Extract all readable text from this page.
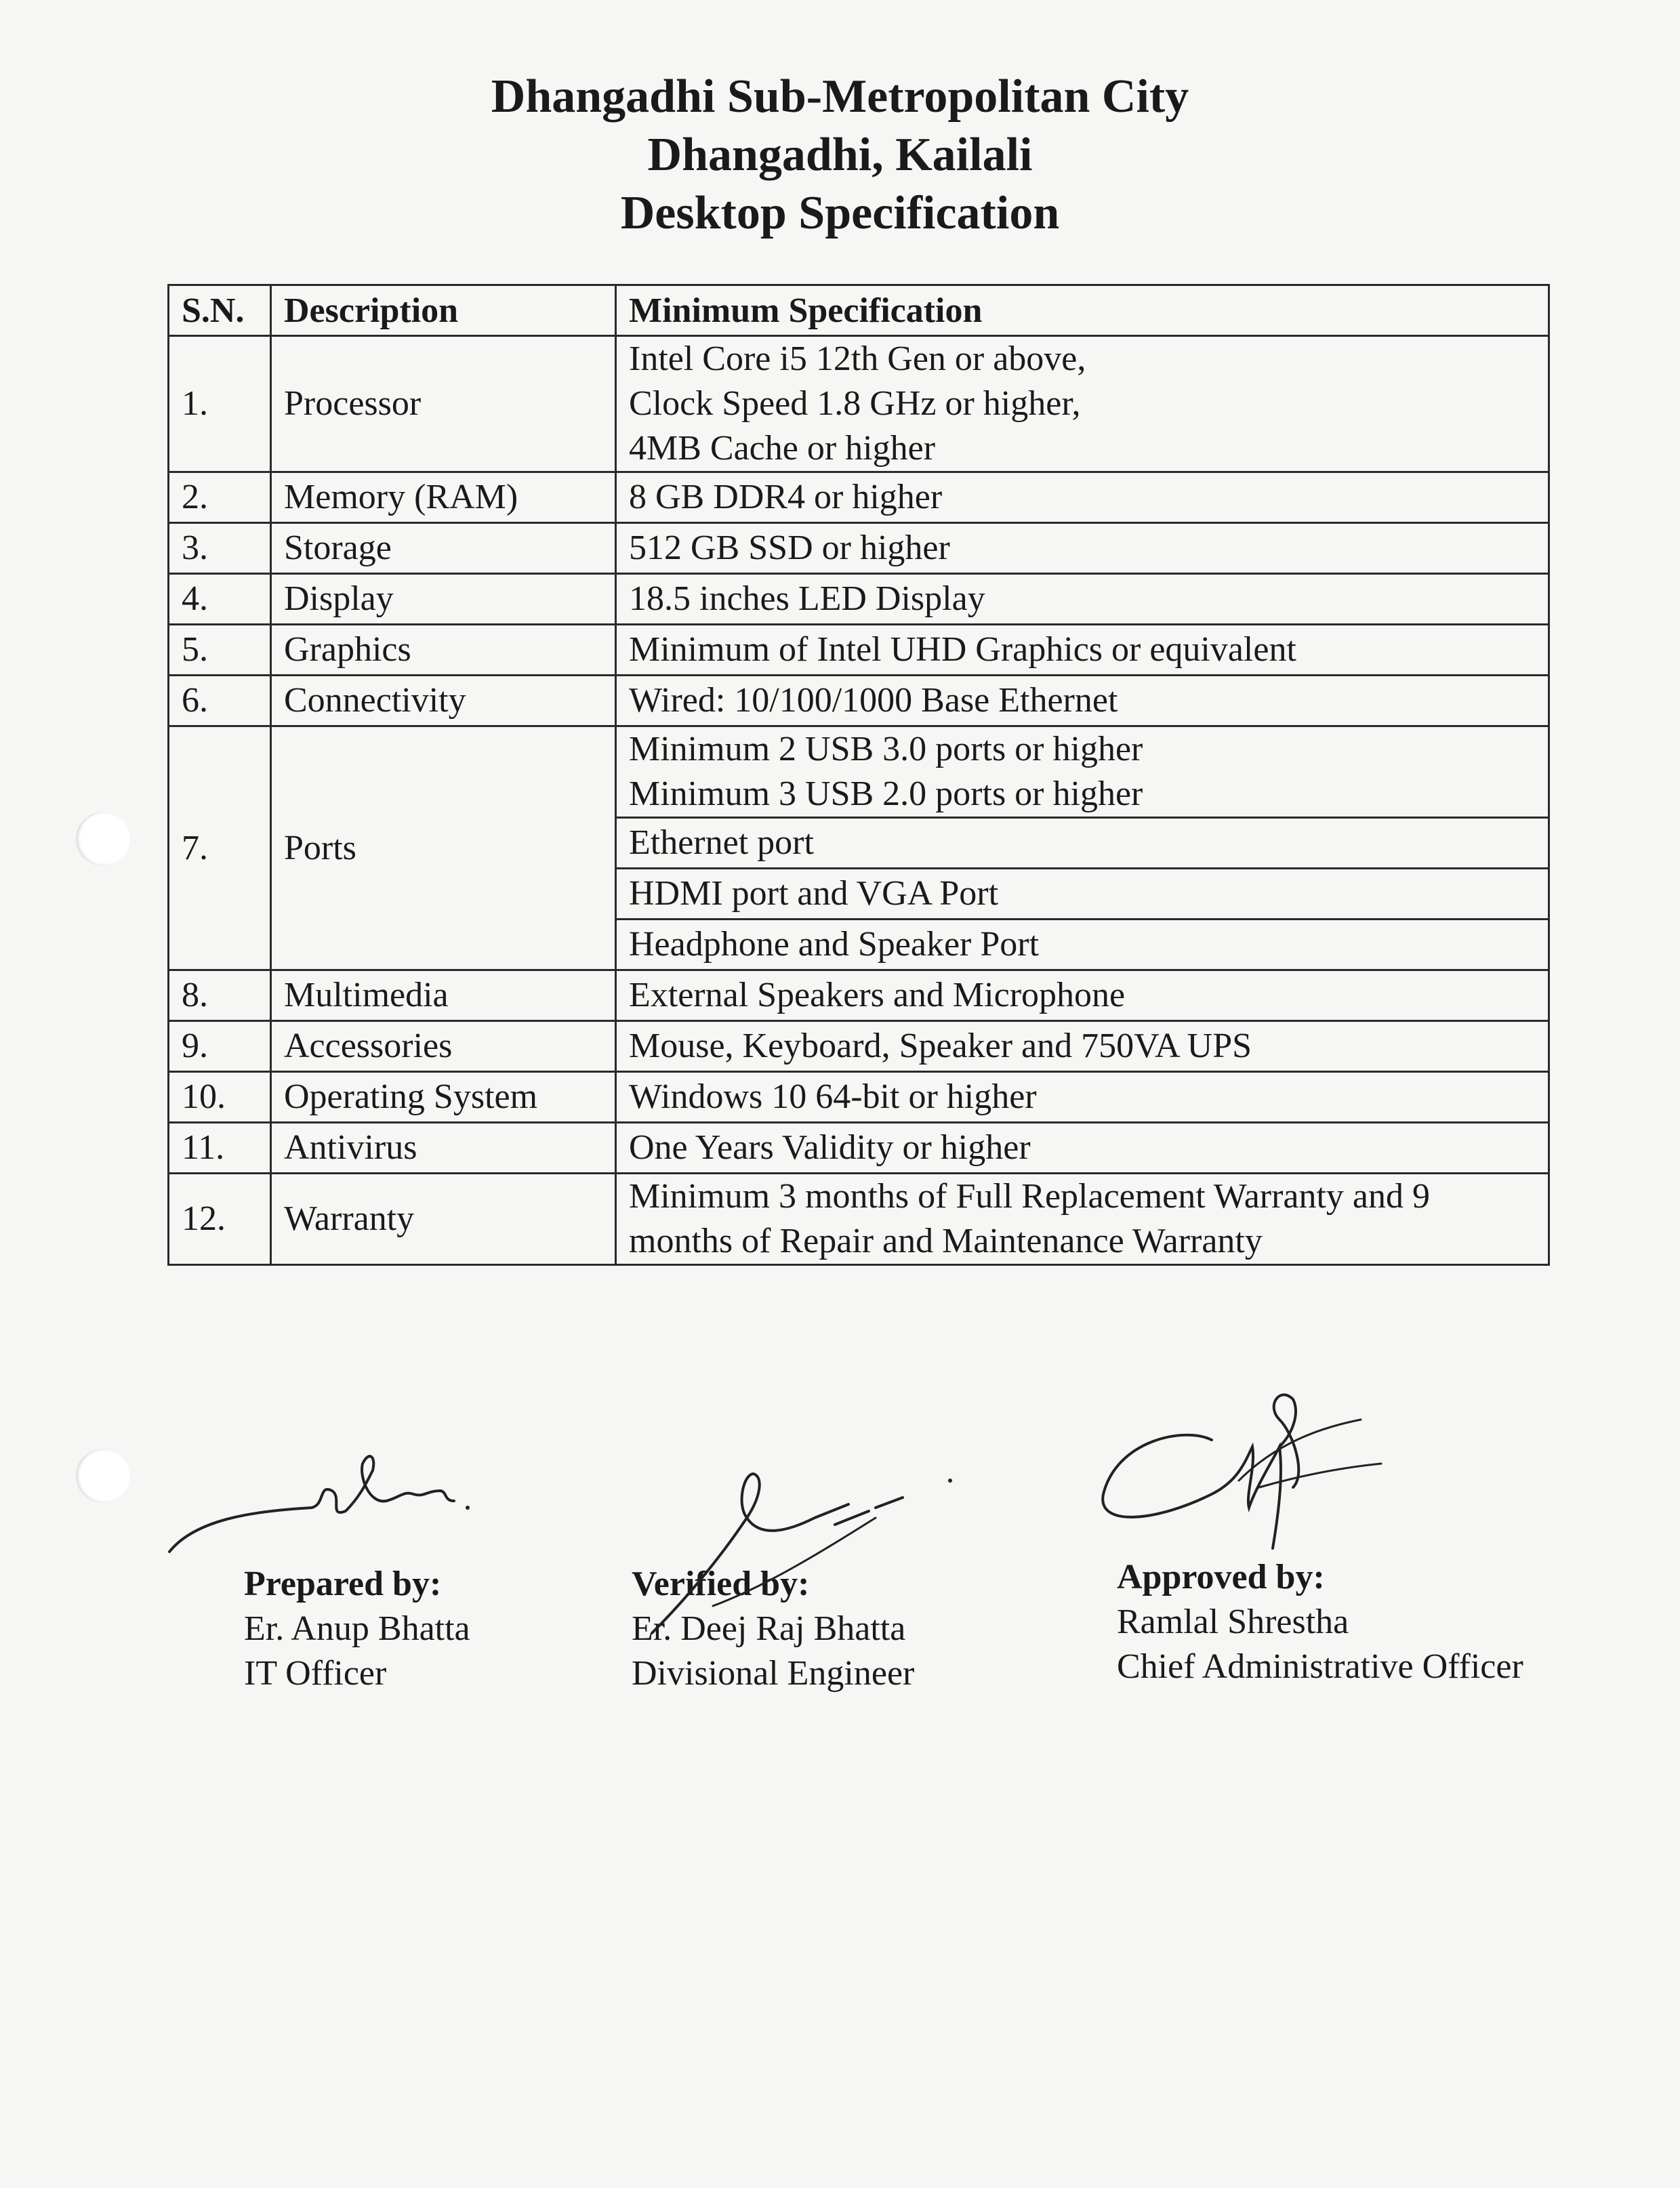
Dhangadhi Sub-Metropolitan City
Dhangadhi, Kailali
Desktop Specification
S.N.	Description	Minimum Specification
1.	Processor	Intel Core i5 12th Gen or above,
Clock Speed 1.8 GHz or higher,
4MB Cache or higher
2.	Memory (RAM)	8 GB DDR4 or higher
3.	Storage	512 GB SSD or higher
4.	Display	18.5 inches LED Display
5.	Graphics	Minimum of Intel UHD Graphics or equivalent
6.	Connectivity	Wired: 10/100/1000 Base Ethernet
7.	Ports	Minimum 2 USB 3.0 ports or higher
Minimum 3 USB 2.0 ports or higher
		Ethernet port
		HDMI port and VGA Port
		Headphone and Speaker Port
8.	Multimedia	External Speakers and Microphone
9.	Accessories	Mouse, Keyboard, Speaker and 750VA UPS
10.	Operating System	Windows 10 64-bit or higher
11.	Antivirus	One Years Validity or higher
12.	Warranty	Minimum 3 months of Full Replacement Warranty and 9
months of Repair and Maintenance Warranty
Prepared by:
Er. Anup Bhatta
IT Officer
Verified by:
Er. Deej Raj Bhatta
Divisional Engineer
Approved by:
Ramlal Shrestha
Chief Administrative Officer
